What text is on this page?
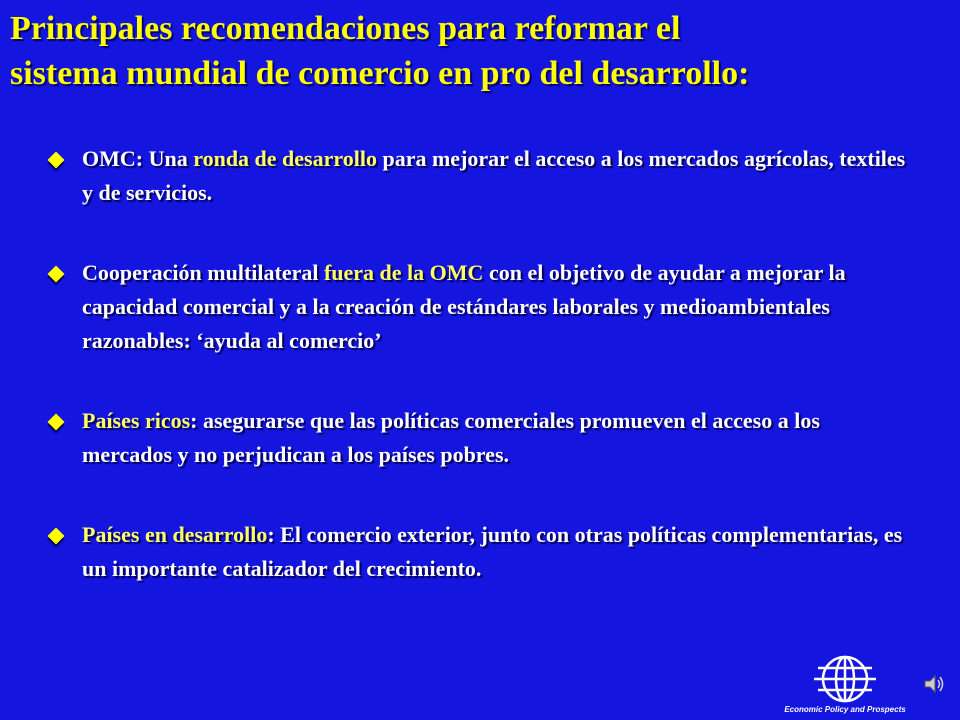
Principales recomendaciones para reformar el
sistema mundial de comercio en pro del desarrollo:
OMC: Una ronda de desarrollo para mejorar el acceso a los mercados agrícolas, textiles y de servicios.
Cooperación multilateral fuera de la OMC con el objetivo de ayudar a mejorar la capacidad comercial y a la creación de estándares laborales y medioambientales razonables: ‘ayuda al comercio’
Países ricos: asegurarse que las políticas comerciales promueven el acceso a los mercados y no perjudican a los países pobres.
Países en desarrollo: El comercio exterior, junto con otras políticas complementarias, es un importante catalizador del crecimiento.
Economic Policy and Prospects
